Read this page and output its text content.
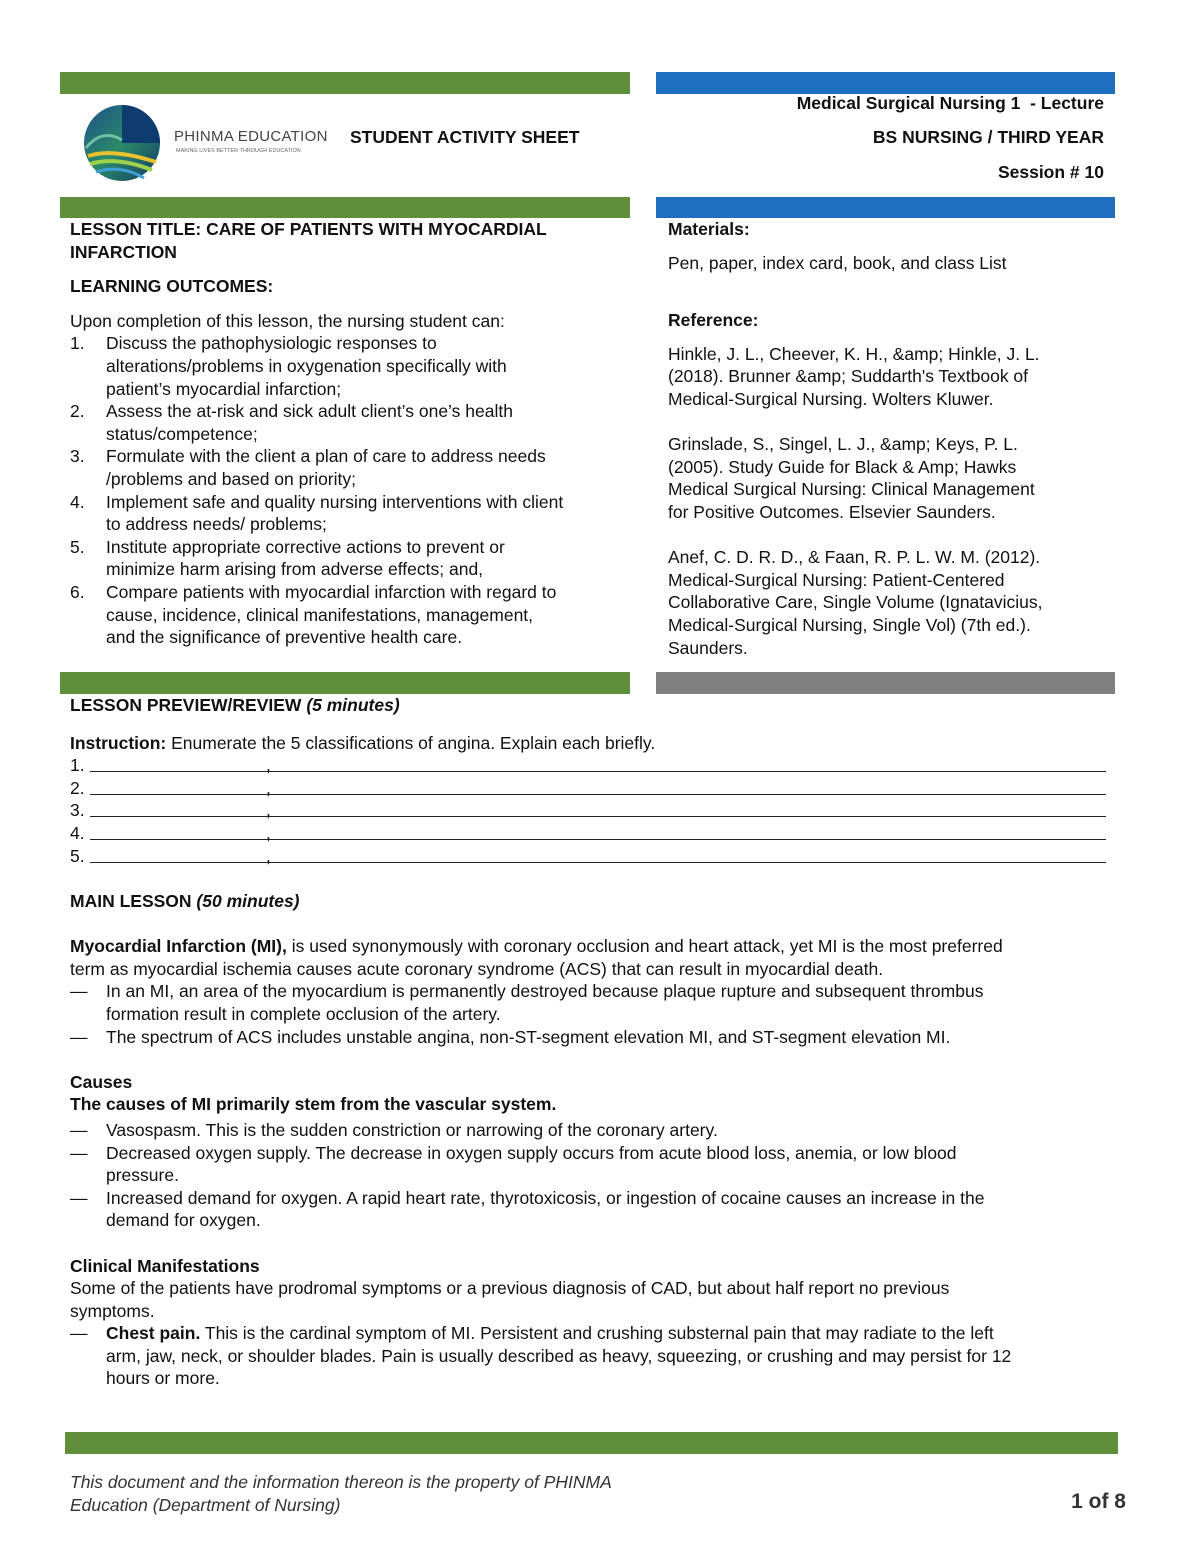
PHINMA EDUCATION
MAKING LIVES BETTER THROUGH EDUCATION
STUDENT ACTIVITY SHEET
Medical Surgical Nursing 1  - Lecture
BS NURSING / THIRD YEAR
Session # 10
LESSON TITLE: CARE OF PATIENTS WITH MYOCARDIAL
INFARCTION
LEARNING OUTCOMES:
Upon completion of this lesson, the nursing student can:
1. Discuss the pathophysiologic responses to
alterations/problems in oxygenation specifically with
patient’s myocardial infarction;
2. Assess the at-risk and sick adult client’s one’s health
status/competence;
3. Formulate with the client a plan of care to address needs
/problems and based on priority;
4. Implement safe and quality nursing interventions with client
to address needs/ problems;
5. Institute appropriate corrective actions to prevent or
minimize harm arising from adverse effects; and,
6. Compare patients with myocardial infarction with regard to
cause, incidence, clinical manifestations, management,
and the significance of preventive health care.
Materials:
Pen, paper, index card, book, and class List
Reference:
Hinkle, J. L., Cheever, K. H., &amp; Hinkle, J. L.
(2018). Brunner &amp; Suddarth's Textbook of
Medical-Surgical Nursing. Wolters Kluwer.
Grinslade, S., Singel, L. J., &amp; Keys, P. L.
(2005). Study Guide for Black & Amp; Hawks
Medical Surgical Nursing: Clinical Management
for Positive Outcomes. Elsevier Saunders.
Anef, C. D. R. D., & Faan, R. P. L. W. M. (2012).
Medical-Surgical Nursing: Patient-Centered
Collaborative Care, Single Volume (Ignatavicius,
Medical-Surgical Nursing, Single Vol) (7th ed.).
Saunders.
LESSON PREVIEW/REVIEW (5 minutes)
Instruction: Enumerate the 5 classifications of angina. Explain each briefly.
1.	,
2.	,
3.	,
4.	,
5.	,
MAIN LESSON (50 minutes)
Myocardial Infarction (MI), is used synonymously with coronary occlusion and heart attack, yet MI is the most preferred
term as myocardial ischemia causes acute coronary syndrome (ACS) that can result in myocardial death.
— In an MI, an area of the myocardium is permanently destroyed because plaque rupture and subsequent thrombus
formation result in complete occlusion of the artery.
— The spectrum of ACS includes unstable angina, non-ST-segment elevation MI, and ST-segment elevation MI.
Causes
The causes of MI primarily stem from the vascular system.
— Vasospasm. This is the sudden constriction or narrowing of the coronary artery.
— Decreased oxygen supply. The decrease in oxygen supply occurs from acute blood loss, anemia, or low blood
pressure.
— Increased demand for oxygen. A rapid heart rate, thyrotoxicosis, or ingestion of cocaine causes an increase in the
demand for oxygen.
Clinical Manifestations
Some of the patients have prodromal symptoms or a previous diagnosis of CAD, but about half report no previous
symptoms.
— Chest pain. This is the cardinal symptom of MI. Persistent and crushing substernal pain that may radiate to the left
arm, jaw, neck, or shoulder blades. Pain is usually described as heavy, squeezing, or crushing and may persist for 12
hours or more.
This document and the information thereon is the property of PHINMA
Education (Department of Nursing)	1 of 8
